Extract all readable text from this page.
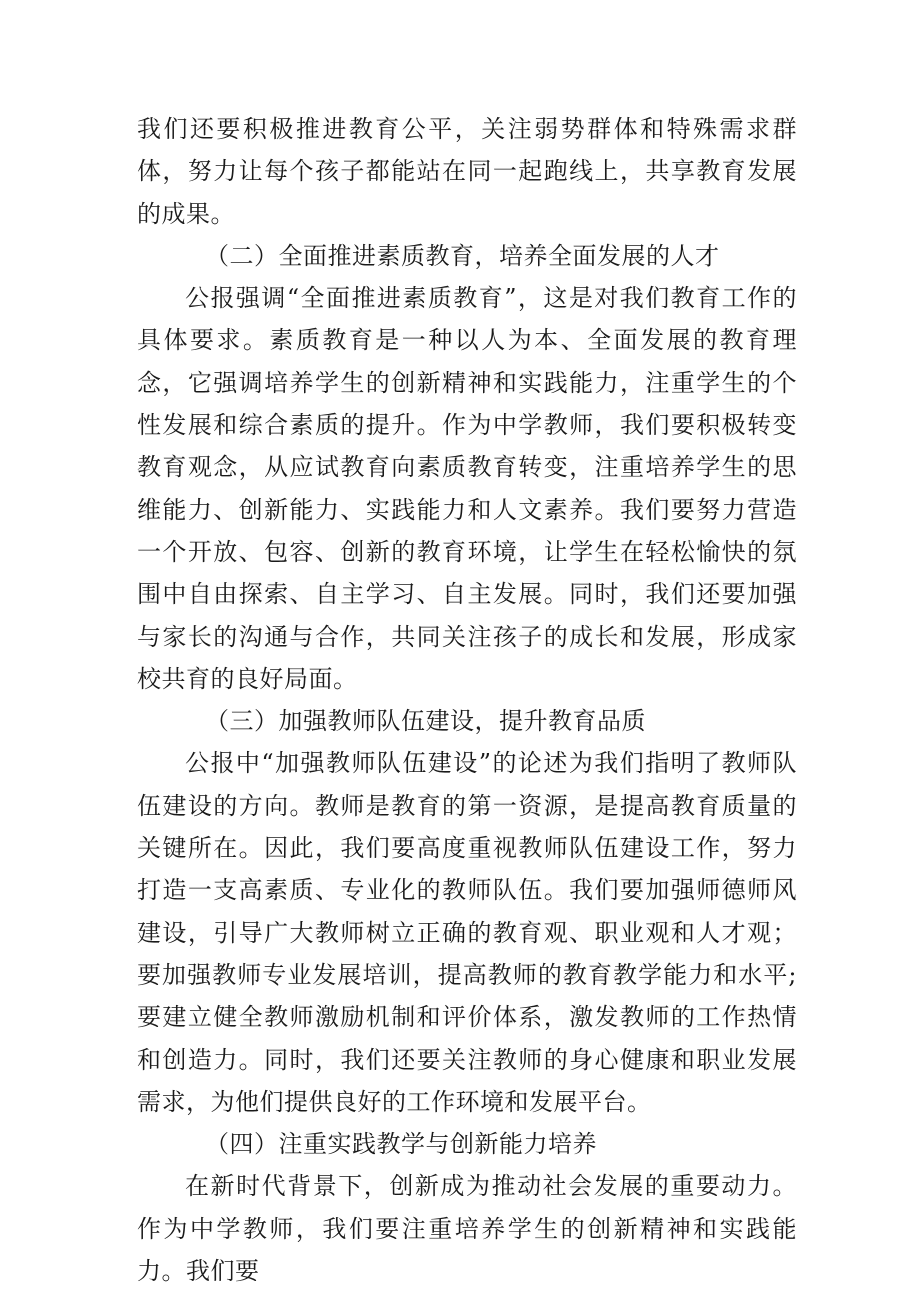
我们还要积极推进教育公平，关注弱势群体和特殊需求群体，努力让每个孩子都能站在同一起跑线上，共享教育发展的成果。

（二）全面推进素质教育，培养全面发展的人才

公报强调“全面推进素质教育”，这是对我们教育工作的具体要求。素质教育是一种以人为本、全面发展的教育理念，它强调培养学生的创新精神和实践能力，注重学生的个性发展和综合素质的提升。作为中学教师，我们要积极转变教育观念，从应试教育向素质教育转变，注重培养学生的思维能力、创新能力、实践能力和人文素养。我们要努力营造一个开放、包容、创新的教育环境，让学生在轻松愉快的氛围中自由探索、自主学习、自主发展。同时，我们还要加强与家长的沟通与合作，共同关注孩子的成长和发展，形成家校共育的良好局面。

（三）加强教师队伍建设，提升教育品质

公报中“加强教师队伍建设”的论述为我们指明了教师队伍建设的方向。教师是教育的第一资源，是提高教育质量的关键所在。因此，我们要高度重视教师队伍建设工作，努力打造一支高素质、专业化的教师队伍。我们要加强师德师风建设，引导广大教师树立正确的教育观、职业观和人才观；要加强教师专业发展培训，提高教师的教育教学能力和水平;要建立健全教师激励机制和评价体系，激发教师的工作热情和创造力。同时，我们还要关注教师的身心健康和职业发展需求，为他们提供良好的工作环境和发展平台。

（四）注重实践教学与创新能力培养

在新时代背景下，创新成为推动社会发展的重要动力。作为中学教师，我们要注重培养学生的创新精神和实践能力。我们要
